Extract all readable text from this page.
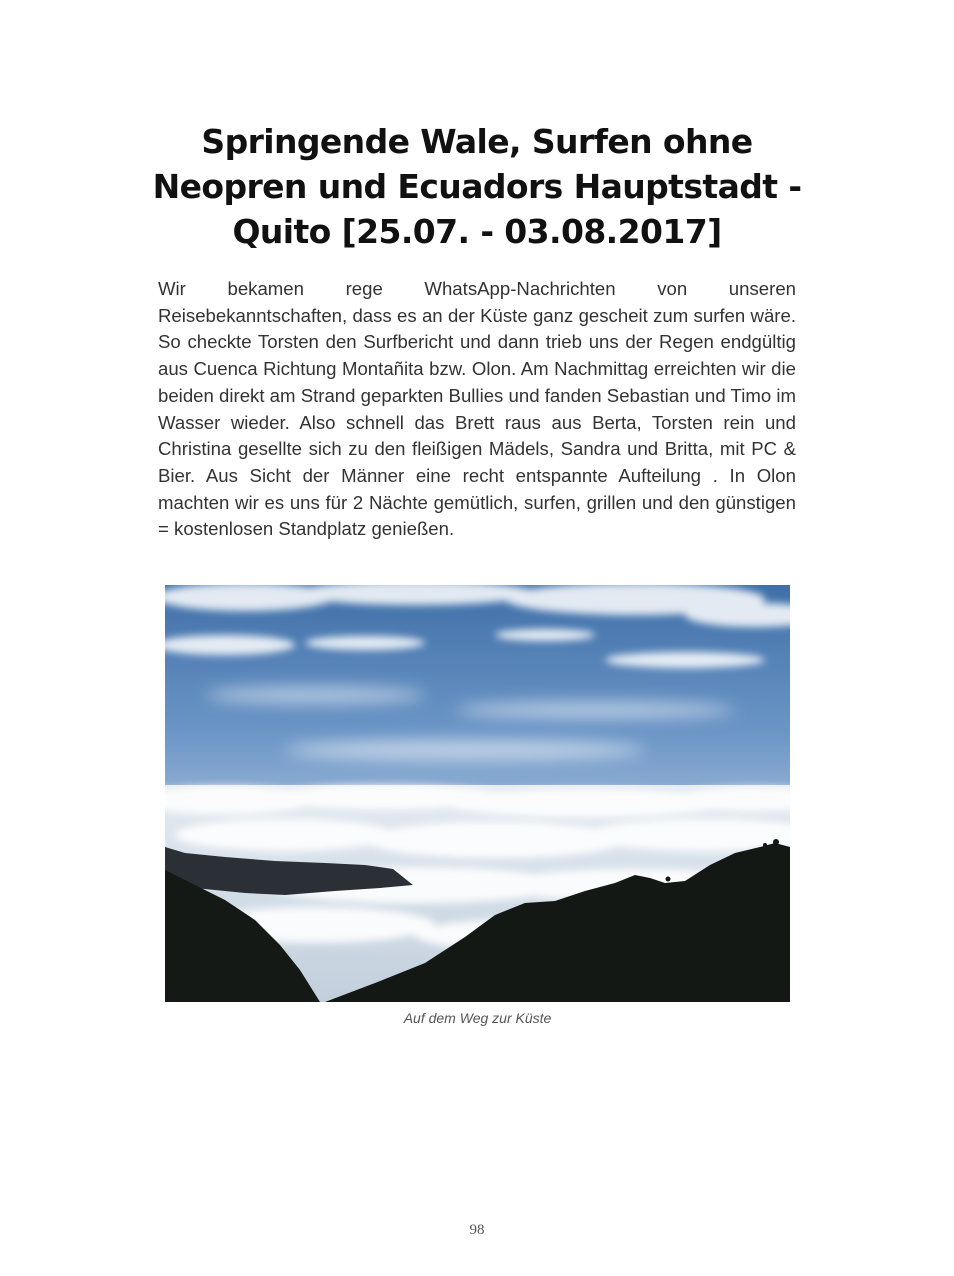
Springende Wale, Surfen ohne Neopren und Ecuadors Hauptstadt - Quito [25.07. - 03.08.2017]

Wir bekamen rege WhatsApp-Nachrichten von unseren Reisebekanntschaften, dass es an der Küste ganz gescheit zum surfen wäre. So checkte Torsten den Surfbericht und dann trieb uns der Regen endgültig aus Cuenca Richtung Montañita bzw. Olon. Am Nachmittag erreichten wir die beiden direkt am Strand geparkten Bullies und fanden Sebastian und Timo im Wasser wieder. Also schnell das Brett raus aus Berta, Torsten rein und Christina gesellte sich zu den fleißigen Mädels, Sandra und Britta, mit PC & Bier. Aus Sicht der Männer eine recht entspannte Aufteilung . In Olon machten wir es uns für 2 Nächte gemütlich, surfen, grillen und den günstigen = kostenlosen Standplatz genießen.

Auf dem Weg zur Küste
98
